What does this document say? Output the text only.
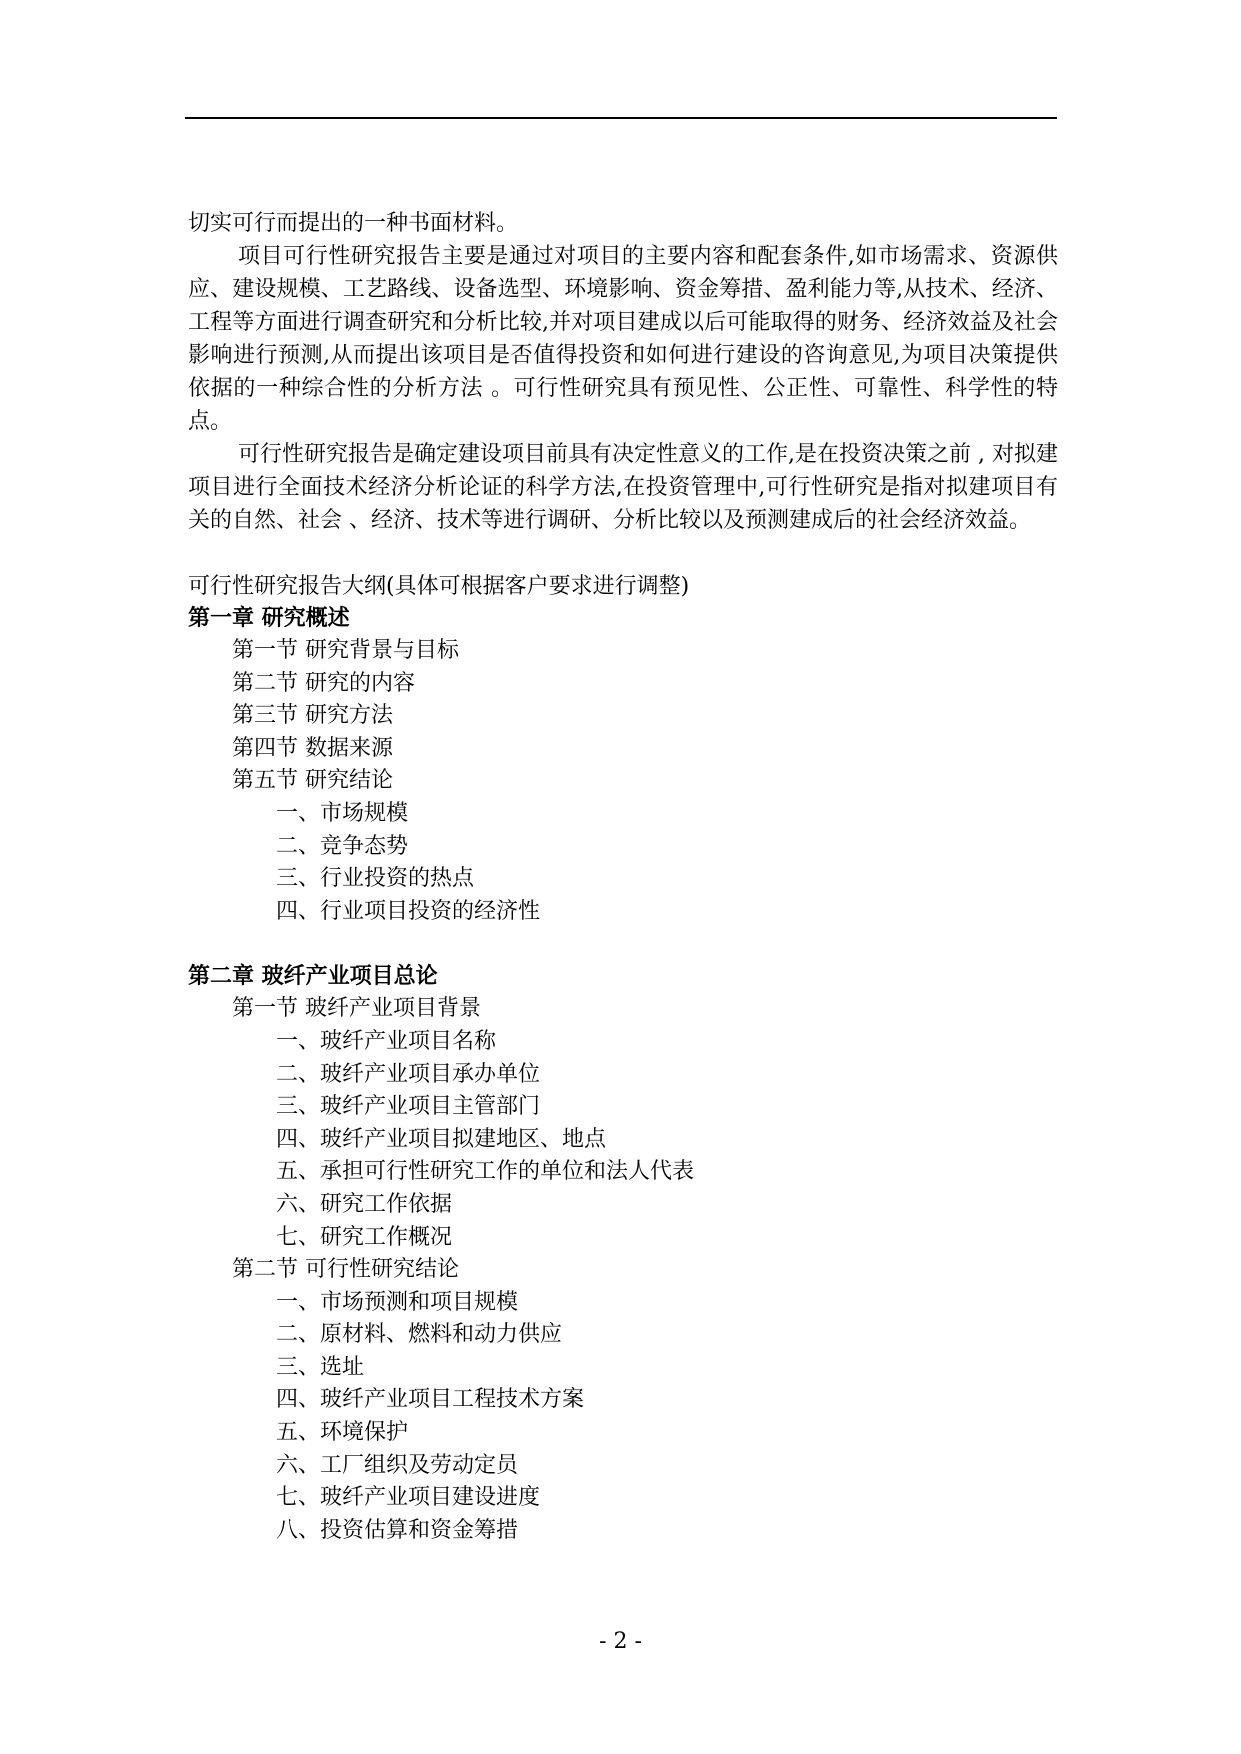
切实可行而提出的一种书面材料。

项目可行性研究报告主要是通过对项目的主要内容和配套条件,如市场需求、资源供应、建设规模、工艺路线、设备选型、环境影响、资金筹措、盈利能力等,从技术、经济、工程等方面进行调查研究和分析比较,并对项目建成以后可能取得的财务、经济效益及社会影响进行预测,从而提出该项目是否值得投资和如何进行建设的咨询意见,为项目决策提供依据的一种综合性的分析方法 。可行性研究具有预见性、公正性、可靠性、科学性的特点。

可行性研究报告是确定建设项目前具有决定性意义的工作,是在投资决策之前 , 对拟建项目进行全面技术经济分析论证的科学方法,在投资管理中,可行性研究是指对拟建项目有关的自然、社会 、经济、技术等进行调研、分析比较以及预测建成后的社会经济效益。

可行性研究报告大纲(具体可根据客户要求进行调整)
第一章 研究概述
第一节 研究背景与目标
第二节 研究的内容
第三节 研究方法
第四节 数据来源
第五节 研究结论
一、市场规模
二、竞争态势
三、行业投资的热点
四、行业项目投资的经济性
第二章 玻纤产业项目总论
第一节 玻纤产业项目背景
一、玻纤产业项目名称
二、玻纤产业项目承办单位
三、玻纤产业项目主管部门
四、玻纤产业项目拟建地区、地点
五、承担可行性研究工作的单位和法人代表
六、研究工作依据
七、研究工作概况
第二节 可行性研究结论
一、市场预测和项目规模
二、原材料、燃料和动力供应
三、选址
四、玻纤产业项目工程技术方案
五、环境保护
六、工厂组织及劳动定员
七、玻纤产业项目建设进度
八、投资估算和资金筹措
- 2 -
